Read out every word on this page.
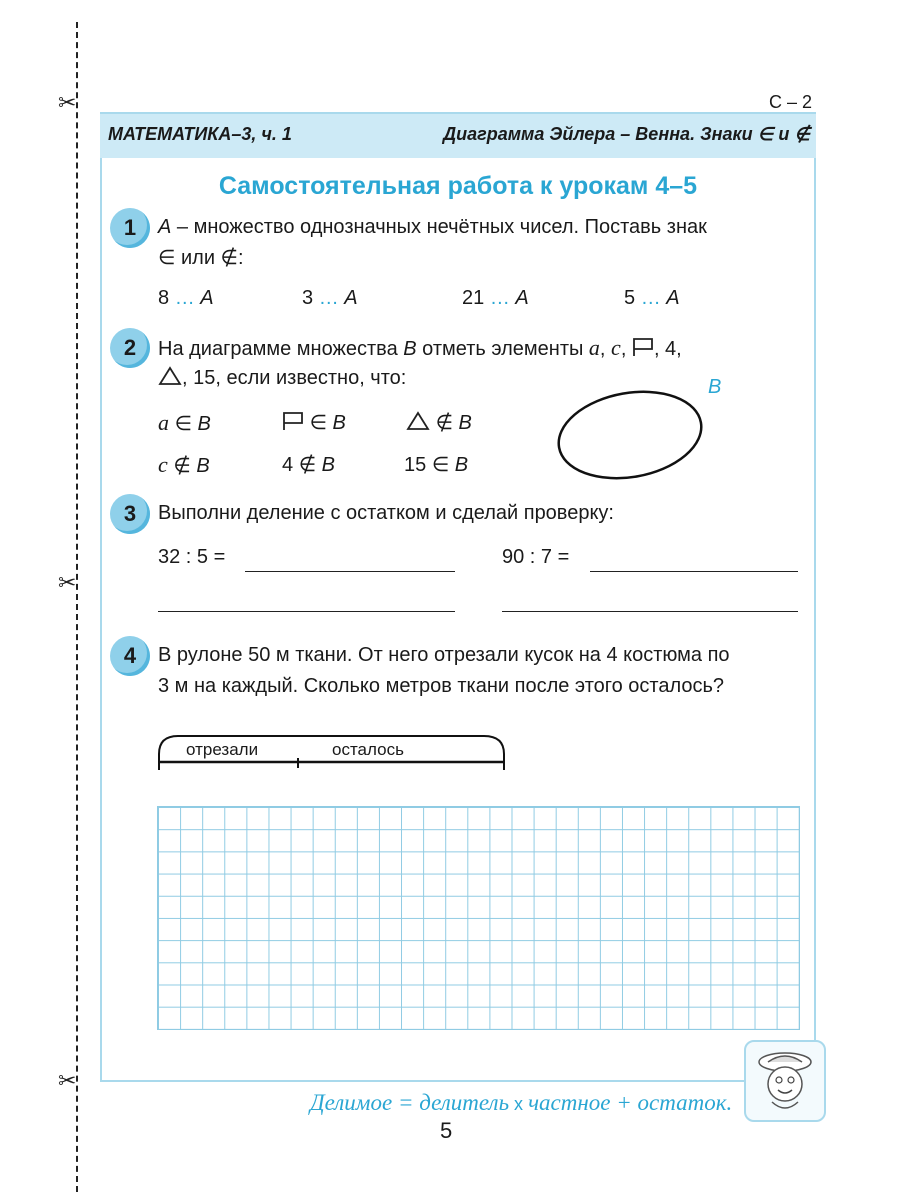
✂
✂
✂
С – 2
МАТЕМАТИКА–3, ч. 1	Диаграмма Эйлера – Венна. Знаки ∈ и ∉
Самостоятельная работа к урокам 4–5
1	А – множество однозначных нечётных чисел. Поставь знак
∈ или ∉:
8 … А	3 … А	21 … А	5 … А
2	На диаграмме множества B отметь элементы a, c, , 4,
, 15, если известно, что:
a ∈ B	∈ B	∉ B
c ∉ B	4 ∉ B	15 ∈ B
B
3	Выполни деление с остатком и сделай проверку:
32 : 5 =	90 : 7 =
4	В рулоне 50 м ткани. От него отрезали кусок на 4 костюма по
3 м на каждый. Сколько метров ткани после этого осталось?
отрезали	осталось
Делимое = делитель x частное + остаток.
5
